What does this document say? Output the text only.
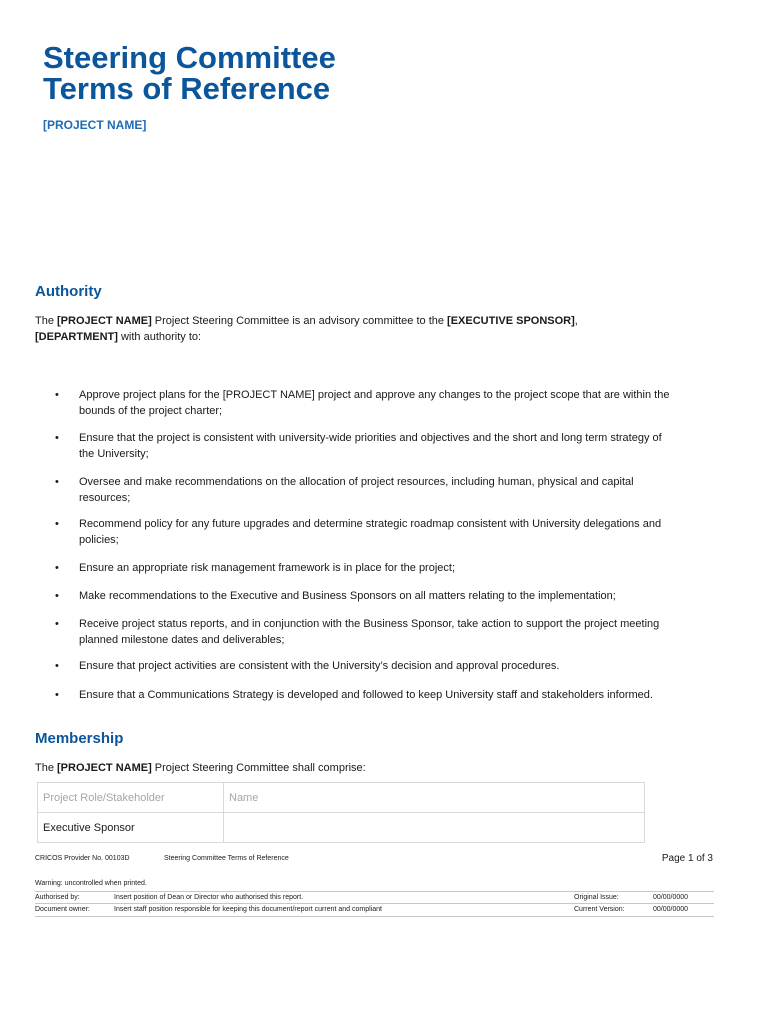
Steering Committee
Terms of Reference
[PROJECT NAME]
Authority
The [PROJECT NAME] Project Steering Committee is an advisory committee to the [EXECUTIVE SPONSOR],
[DEPARTMENT] with authority to:
• Approve project plans for the [PROJECT NAME] project and approve any changes to the project scope that are within the bounds of the project charter;
• Ensure that the project is consistent with university-wide priorities and objectives and the short and long term strategy of the University;
• Oversee and make recommendations on the allocation of project resources, including human, physical and capital resources;
• Recommend policy for any future upgrades and determine strategic roadmap consistent with University delegations and policies;
• Ensure an appropriate risk management framework is in place for the project;
• Make recommendations to the Executive and Business Sponsors on all matters relating to the implementation;
• Receive project status reports, and in conjunction with the Business Sponsor, take action to support the project meeting planned milestone dates and deliverables;
• Ensure that project activities are consistent with the University’s decision and approval procedures.
• Ensure that a Communications Strategy is developed and followed to keep University staff and stakeholders informed.
Membership
The [PROJECT NAME] Project Steering Committee shall comprise:
Project Role/Stakeholder	Name
Executive Sponsor	
CRICOS Provider No. 00103D	Steering Committee Terms of Reference	Page 1 of 3
Warning: uncontrolled when printed.
Authorised by:	Insert position of Dean or Director who authorised this report.	Original Issue:	00/00/0000
Document owner:	Insert staff position responsible for keeping this document/report current and compliant	Current Version:	00/00/0000
